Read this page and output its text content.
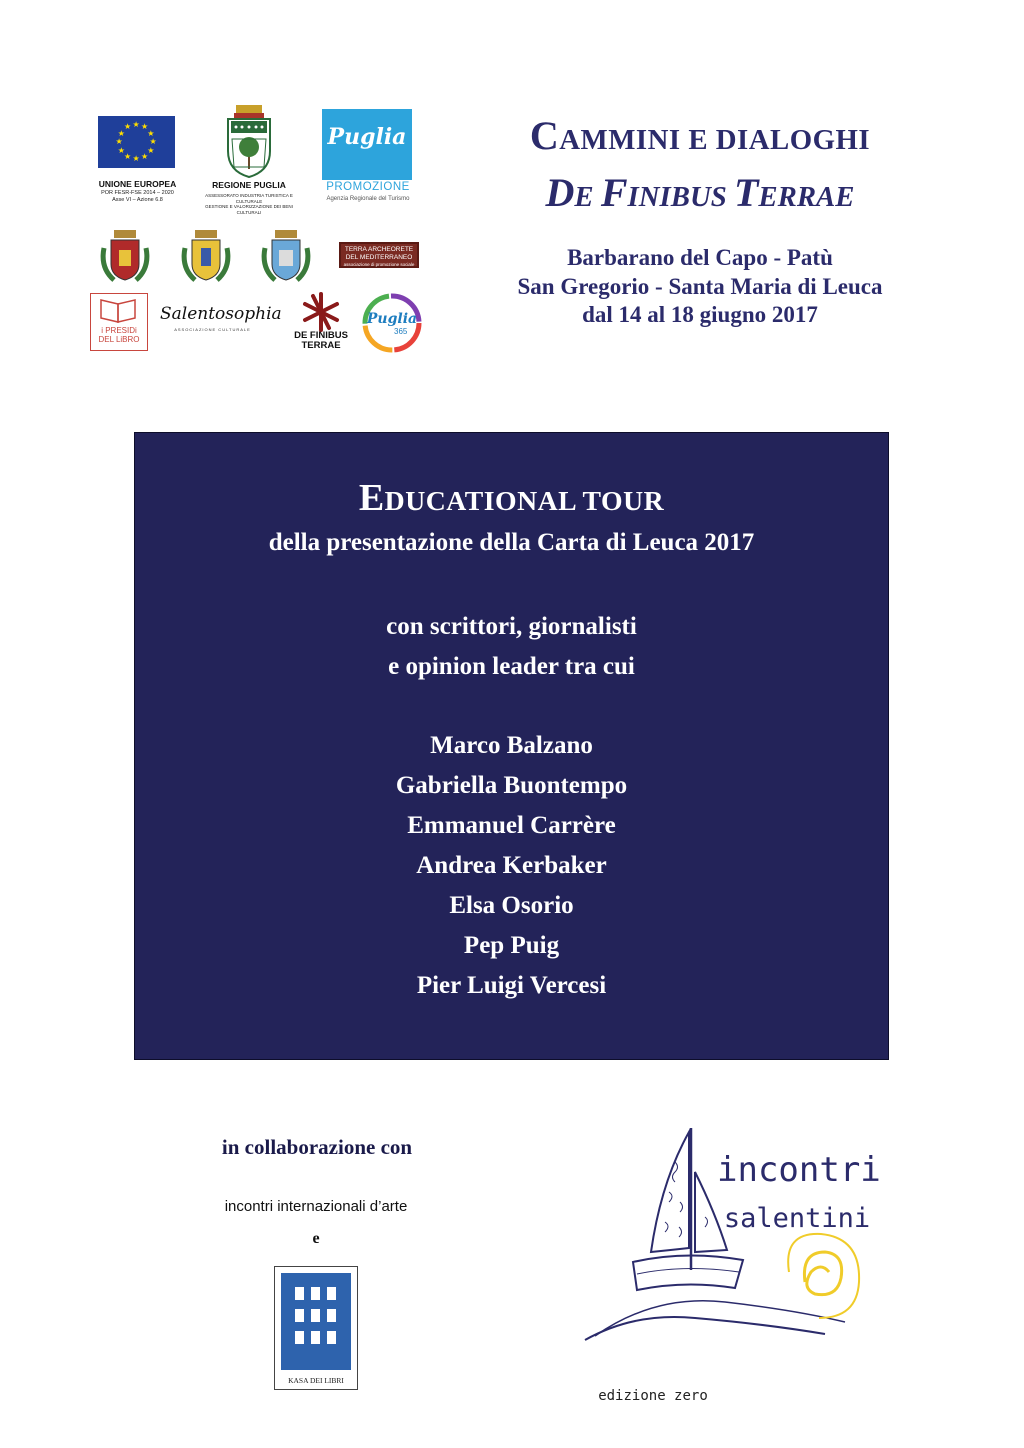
★ ★
★
★
★
★
★
★
★
★
★
★
UNIONE EUROPEA
POR FESR-FSE 2014 – 2020
Asse VI – Azione 6.8
REGIONE PUGLIA
ASSESSORATO INDUSTRIA TURISTICA E CULTURALE
GESTIONE E VALORIZZAZIONE DEI BENI CULTURALI
Puglia
PROMOZIONE
Agenzia Regionale del Turismo
TERRA ARCHEORETE
DEL MEDITERRANEO
associazione di promozione sociale
i PRESIDi
DEL LiBRO
Salentosophia
ASSOCIAZIONE CULTURALE
DE FINIBUS
TERRAE
Puglia
365
CAMMINI E DIALOGHI
DE FINIBUS TERRAE
Barbarano del Capo - Patù
San Gregorio - Santa Maria di Leuca
dal 14 al 18 giugno 2017
EDUCATIONAL TOUR
della presentazione della Carta di Leuca 2017
con scrittori, giornalisti
e opinion leader tra cui
Marco Balzano
Gabriella Buontempo
Emmanuel Carrère
Andrea Kerbaker
Elsa Osorio
Pep Puig
Pier Luigi Vercesi
in collaborazione con
incontri internazionali d’arte
e
KASA DEI LIBRI
incontri
salentini
edizione zero
